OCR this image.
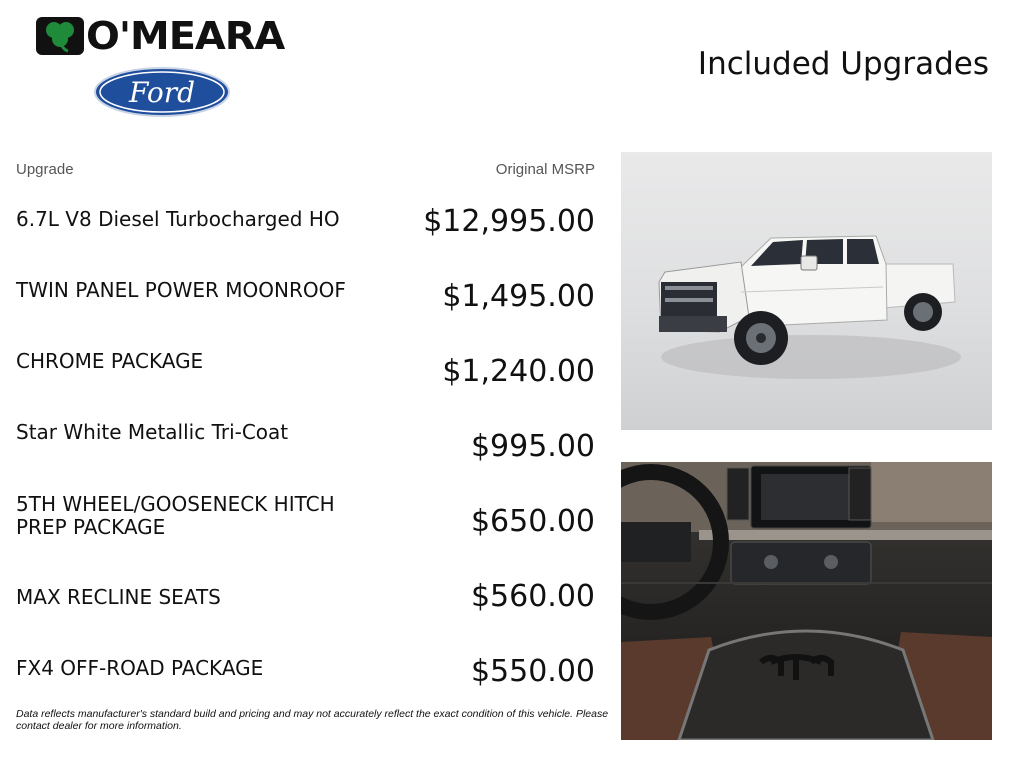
O'MEARA
Ford
Included Upgrades
Upgrade	Original MSRP
6.7L V8 Diesel Turbocharged HO	$12,995.00
TWIN PANEL POWER MOONROOF	$1,495.00
CHROME PACKAGE	$1,240.00
Star White Metallic Tri-Coat	$995.00
5TH WHEEL/GOOSENECK HITCH PREP PACKAGE	$650.00
MAX RECLINE SEATS	$560.00
FX4 OFF-ROAD PACKAGE	$550.00
Data reflects manufacturer's standard build and pricing and may not accurately reflect the exact condition of this vehicle. Please contact dealer for more information.
